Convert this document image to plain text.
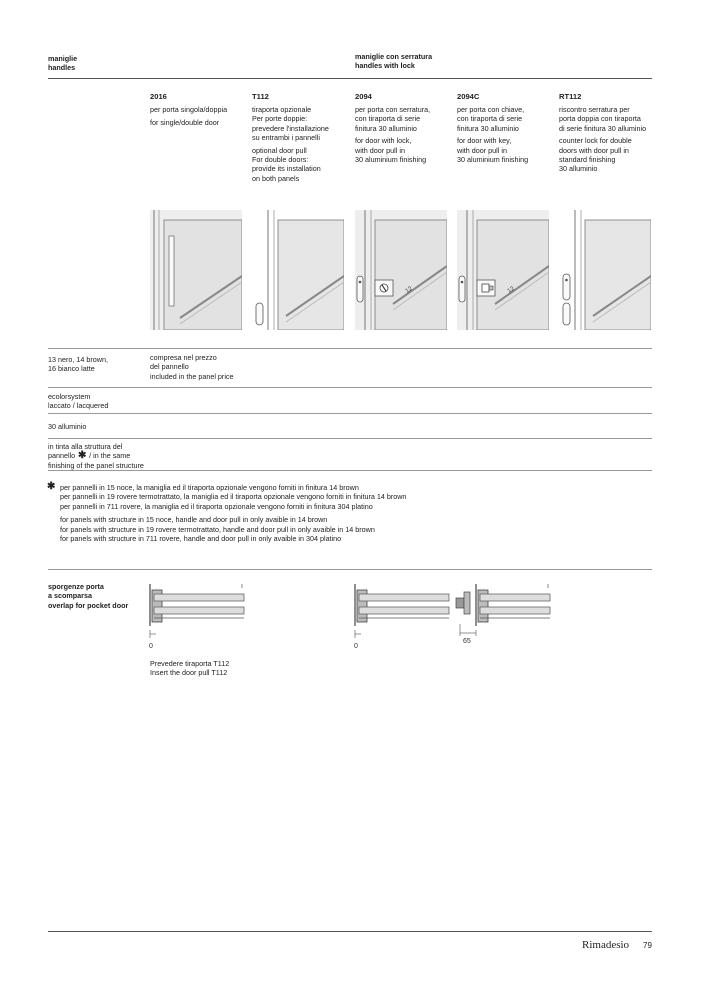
maniglie
handles
maniglie con serratura
handles with lock
2016
per porta singola/doppia
for single/double door
T112
tiraporta opzionale
Per porte doppie:
prevedere l'installazione
su entrambi i pannelli
optional door pull
For double doors:
provide its installation
on both panels
2094
per porta con serratura,
con tiraporta di serie
finitura 30 alluminio
for door with lock,
with door pull in
30 aluminium finishing
2094C
per porta con chiave,
con tiraporta di serie
finitura 30 alluminio
for door with key,
with door pull in
30 aluminium finishing
RT112
riscontro serratura per
porta doppia con tiraporta
di serie finitura 30 alluminio
counter lock for double
doors with door pull in
standard finishing
30 alluminio
12	12
13 nero, 14 brown,
16 bianco latte
compresa nel prezzo
del pannello
included in the panel price
ecolorsystem
laccato / lacquered
30 alluminio
in tinta alla struttura del
pannello ✱ / in the same
finishing of the panel structure
✱ per pannelli in 15 noce, la maniglia ed il tiraporta opzionale vengono forniti in finitura 14 brown
per pannelli in 19 rovere termotrattato, la maniglia ed il tiraporta opzionale vengono forniti in finitura 14 brown
per pannelli in 711 rovere, la maniglia ed il tiraporta opzionale vengono forniti in finitura 304 platino
for panels with structure in 15 noce, handle and door pull in only avaible in 14 brown
for panels with structure in 19 rovere termotrattato, handle and door pull in only avaible in 14 brown
for panels with structure in 711 rovere, handle and door pull in only avaible in 304 platino
sporgenze porta
a scomparsa
overlap for pocket door
0
Prevedere tiraporta T112
Insert the door pull T112
0
65
Rimadesio 79
